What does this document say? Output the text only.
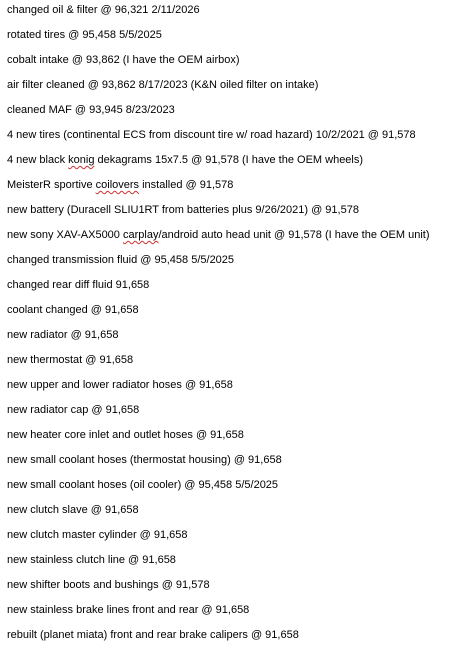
changed oil & filter @ 96,321 2/11/2026
rotated tires @ 95,458 5/5/2025
cobalt intake @ 93,862 (I have the OEM airbox)
air filter cleaned @ 93,862 8/17/2023 (K&N oiled filter on intake)
cleaned MAF @ 93,945 8/23/2023
4 new tires (continental ECS from discount tire w/ road hazard) 10/2/2021 @ 91,578
4 new black konig dekagrams 15x7.5 @ 91,578 (I have the OEM wheels)
MeisterR sportive coilovers installed @ 91,578
new battery (Duracell SLIU1RT from batteries plus 9/26/2021) @ 91,578
new sony XAV-AX5000 carplay/android auto head unit @ 91,578 (I have the OEM unit)
changed transmission fluid @ 95,458 5/5/2025
changed rear diff fluid 91,658
coolant changed @ 91,658
new radiator @ 91,658
new thermostat @ 91,658
new upper and lower radiator hoses @ 91,658
new radiator cap @ 91,658
new heater core inlet and outlet hoses @ 91,658
new small coolant hoses (thermostat housing) @ 91,658
new small coolant hoses (oil cooler) @ 95,458 5/5/2025
new clutch slave @ 91,658
new clutch master cylinder @ 91,658
new stainless clutch line @ 91,658
new shifter boots and bushings @ 91,578
new stainless brake lines front and rear @ 91,658
rebuilt (planet miata) front and rear brake calipers @ 91,658
